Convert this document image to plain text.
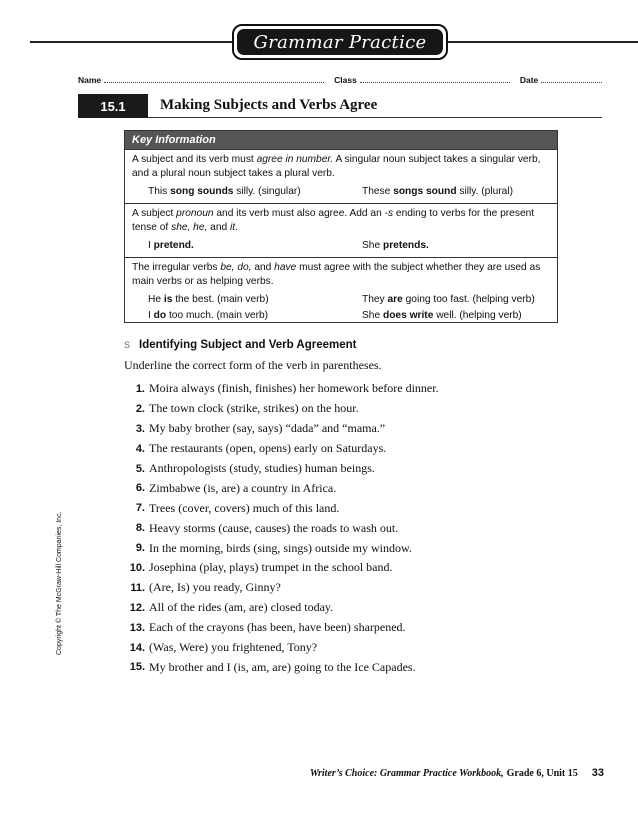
Grammar Practice
Name	Class	Date
15.1	Making Subjects and Verbs Agree
Key Information
A subject and its verb must agree in number. A singular noun subject takes a singular verb, and a plural noun subject takes a plural verb.
This song sounds silly. (singular)	These songs sound silly. (plural)
A subject pronoun and its verb must also agree. Add an -s ending to verbs for the present tense of she, he, and it.
I pretend.	She pretends.
The irregular verbs be, do, and have must agree with the subject whether they are used as main verbs or as helping verbs.
He is the best. (main verb)	They are going too fast. (helping verb)
I do too much. (main verb)	She does write well. (helping verb)
S Identifying Subject and Verb Agreement
Underline the correct form of the verb in parentheses.
1. Moira always (finish, finishes) her homework before dinner.
2. The town clock (strike, strikes) on the hour.
3. My baby brother (say, says) “dada” and “mama.”
4. The restaurants (open, opens) early on Saturdays.
5. Anthropologists (study, studies) human beings.
6. Zimbabwe (is, are) a country in Africa.
7. Trees (cover, covers) much of this land.
8. Heavy storms (cause, causes) the roads to wash out.
9. In the morning, birds (sing, sings) outside my window.
10. Josephina (play, plays) trumpet in the school band.
11. (Are, Is) you ready, Ginny?
12. All of the rides (am, are) closed today.
13. Each of the crayons (has been, have been) sharpened.
14. (Was, Were) you frightened, Tony?
15. My brother and I (is, am, are) going to the Ice Capades.
Copyright © The McGraw-Hill Companies, Inc.
Writer’s Choice: Grammar Practice Workbook, Grade 6, Unit 15 33
